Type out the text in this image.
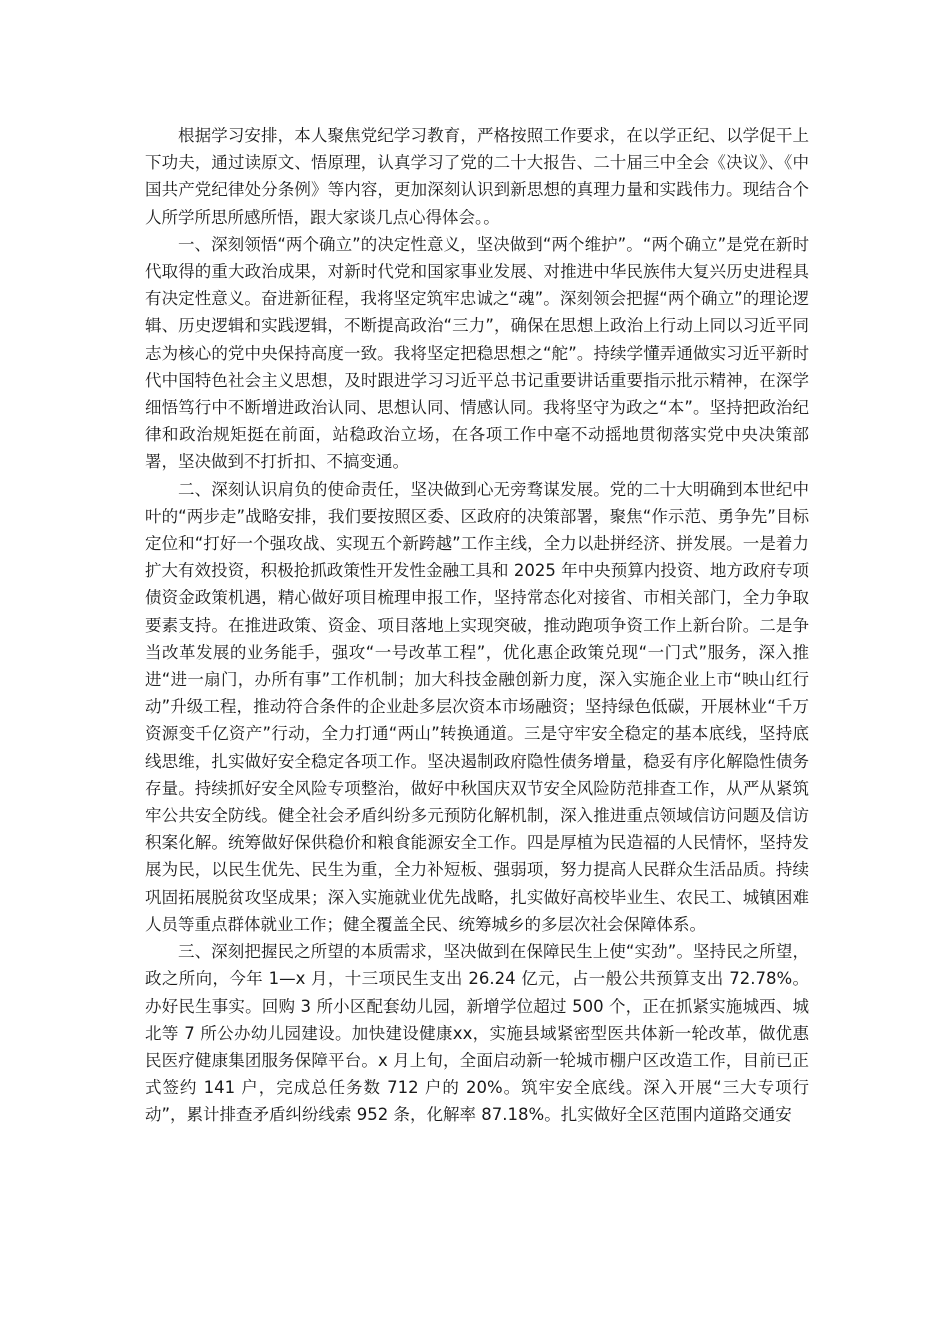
根据学习安排，本人聚焦党纪学习教育，严格按照工作要求，在以学正纪、以学促干上下功夫，通过读原文、悟原理，认真学习了党的二十大报告、二十届三中全会《决议》、《中国共产党纪律处分条例》等内容，更加深刻认识到新思想的真理力量和实践伟力。现结合个人所学所思所感所悟，跟大家谈几点心得体会。。

一、深刻领悟“两个确立”的决定性意义，坚决做到“两个维护”。“两个确立”是党在新时代取得的重大政治成果，对新时代党和国家事业发展、对推进中华民族伟大复兴历史进程具有决定性意义。奋进新征程，我将坚定筑牢忠诚之“魂”。深刻领会把握“两个确立”的理论逻辑、历史逻辑和实践逻辑，不断提高政治“三力”，确保在思想上政治上行动上同以习近平同志为核心的党中央保持高度一致。我将坚定把稳思想之“舵”。持续学懂弄通做实习近平新时代中国特色社会主义思想，及时跟进学习习近平总书记重要讲话重要指示批示精神，在深学细悟笃行中不断增进政治认同、思想认同、情感认同。我将坚守为政之“本”。坚持把政治纪律和政治规矩挺在前面，站稳政治立场，在各项工作中毫不动摇地贯彻落实党中央决策部署，坚决做到不打折扣、不搞变通。

二、深刻认识肩负的使命责任，坚决做到心无旁骛谋发展。党的二十大明确到本世纪中叶的“两步走”战略安排，我们要按照区委、区政府的决策部署，聚焦“作示范、勇争先”目标定位和“打好一个强攻战、实现五个新跨越”工作主线，全力以赴拼经济、拼发展。一是着力扩大有效投资，积极抢抓政策性开发性金融工具和 2025 年中央预算内投资、地方政府专项债资金政策机遇，精心做好项目梳理申报工作，坚持常态化对接省、市相关部门，全力争取要素支持。在推进政策、资金、项目落地上实现突破，推动跑项争资工作上新台阶。二是争当改革发展的业务能手，强攻“一号改革工程”，优化惠企政策兑现“一门式”服务，深入推进“进一扇门，办所有事”工作机制；加大科技金融创新力度，深入实施企业上市“映山红行动”升级工程，推动符合条件的企业赴多层次资本市场融资；坚持绿色低碳，开展林业“千万资源变千亿资产”行动，全力打通“两山”转换通道。三是守牢安全稳定的基本底线，坚持底线思维，扎实做好安全稳定各项工作。坚决遏制政府隐性债务增量，稳妥有序化解隐性债务存量。持续抓好安全风险专项整治，做好中秋国庆双节安全风险防范排查工作，从严从紧筑牢公共安全防线。健全社会矛盾纠纷多元预防化解机制，深入推进重点领域信访问题及信访积案化解。统筹做好保供稳价和粮食能源安全工作。四是厚植为民造福的人民情怀，坚持发展为民，以民生优先、民生为重，全力补短板、强弱项，努力提高人民群众生活品质。持续巩固拓展脱贫攻坚成果；深入实施就业优先战略，扎实做好高校毕业生、农民工、城镇困难人员等重点群体就业工作；健全覆盖全民、统筹城乡的多层次社会保障体系。

三、深刻把握民之所望的本质需求，坚决做到在保障民生上使“实劲”。坚持民之所望，政之所向，今年 1—x 月，十三项民生支出 26.24 亿元，占一般公共预算支出 72.78%。办好民生事实。回购 3 所小区配套幼儿园，新增学位超过 500 个，正在抓紧实施城西、城北等 7 所公办幼儿园建设。加快建设健康xx，实施县域紧密型医共体新一轮改革，做优惠民医疗健康集团服务保障平台。x 月上旬，全面启动新一轮城市棚户区改造工作，目前已正式签约 141 户，完成总任务数 712 户的 20%。筑牢安全底线。深入开展“三大专项行动”，累计排查矛盾纠纷线索 952 条，化解率 87.18%。扎实做好全区范围内道路交通安
